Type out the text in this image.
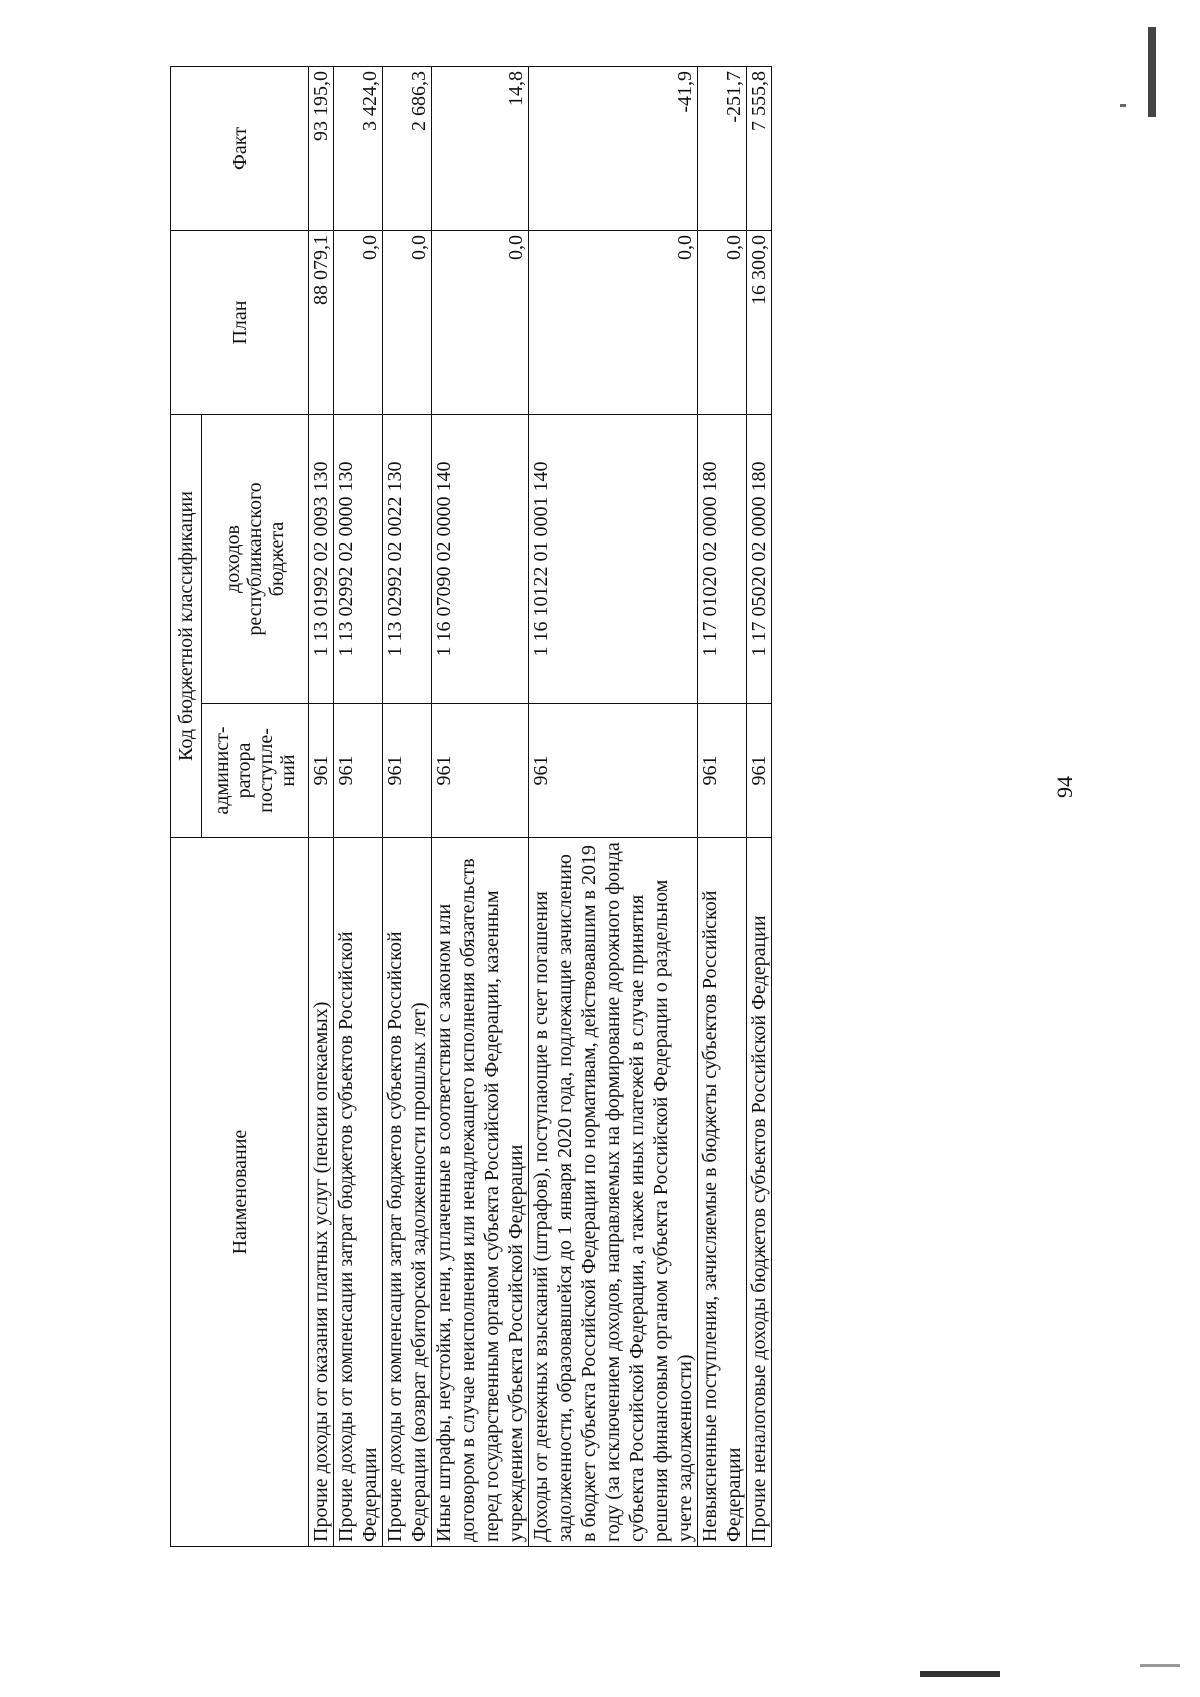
94
Наименование	Код бюджетной классификации		План	Факт
	админист-
ратора
поступле-
ний	доходов
республиканского
бюджета		
Прочие доходы от оказания платных услуг (пенсии опекаемых)	961	1 13 01992 02 0093 130	88 079,1	93 195,0
Прочие доходы от компенсации затрат бюджетов субъектов Российской Федерации	961	1 13 02992 02 0000 130	0,0	3 424,0
Прочие доходы от компенсации затрат бюджетов субъектов Российской Федерации (возврат дебиторской задолженности прошлых лет)	961	1 13 02992 02 0022 130	0,0	2 686,3
Иные штрафы, неустойки, пени, уплаченные в соответствии с законом или договором в случае неисполнения или ненадлежащего исполнения обязательств перед государственным органом субъекта Российской Федерации, казенным учреждением субъекта Российской Федерации	961	1 16 07090 02 0000 140	0,0	14,8
Доходы от денежных взысканий (штрафов), поступающие в счет погашения задолженности, образовавшейся до 1 января 2020 года, подлежащие зачислению в бюджет субъекта Российской Федерации по нормативам, действовавшим в 2019 году (за исключением доходов, направляемых на формирование дорожного фонда субъекта Российской Федерации, а также иных платежей в случае принятия решения финансовым органом субъекта Российской Федерации о раздельном учете задолженности)	961	1 16 10122 01 0001 140	0,0	-41,9
Невыясненные поступления, зачисляемые в бюджеты субъектов Российской Федерации	961	1 17 01020 02 0000 180	0,0	-251,7
Прочие неналоговые доходы бюджетов субъектов Российской Федерации	961	1 17 05020 02 0000 180	16 300,0	7 555,8
